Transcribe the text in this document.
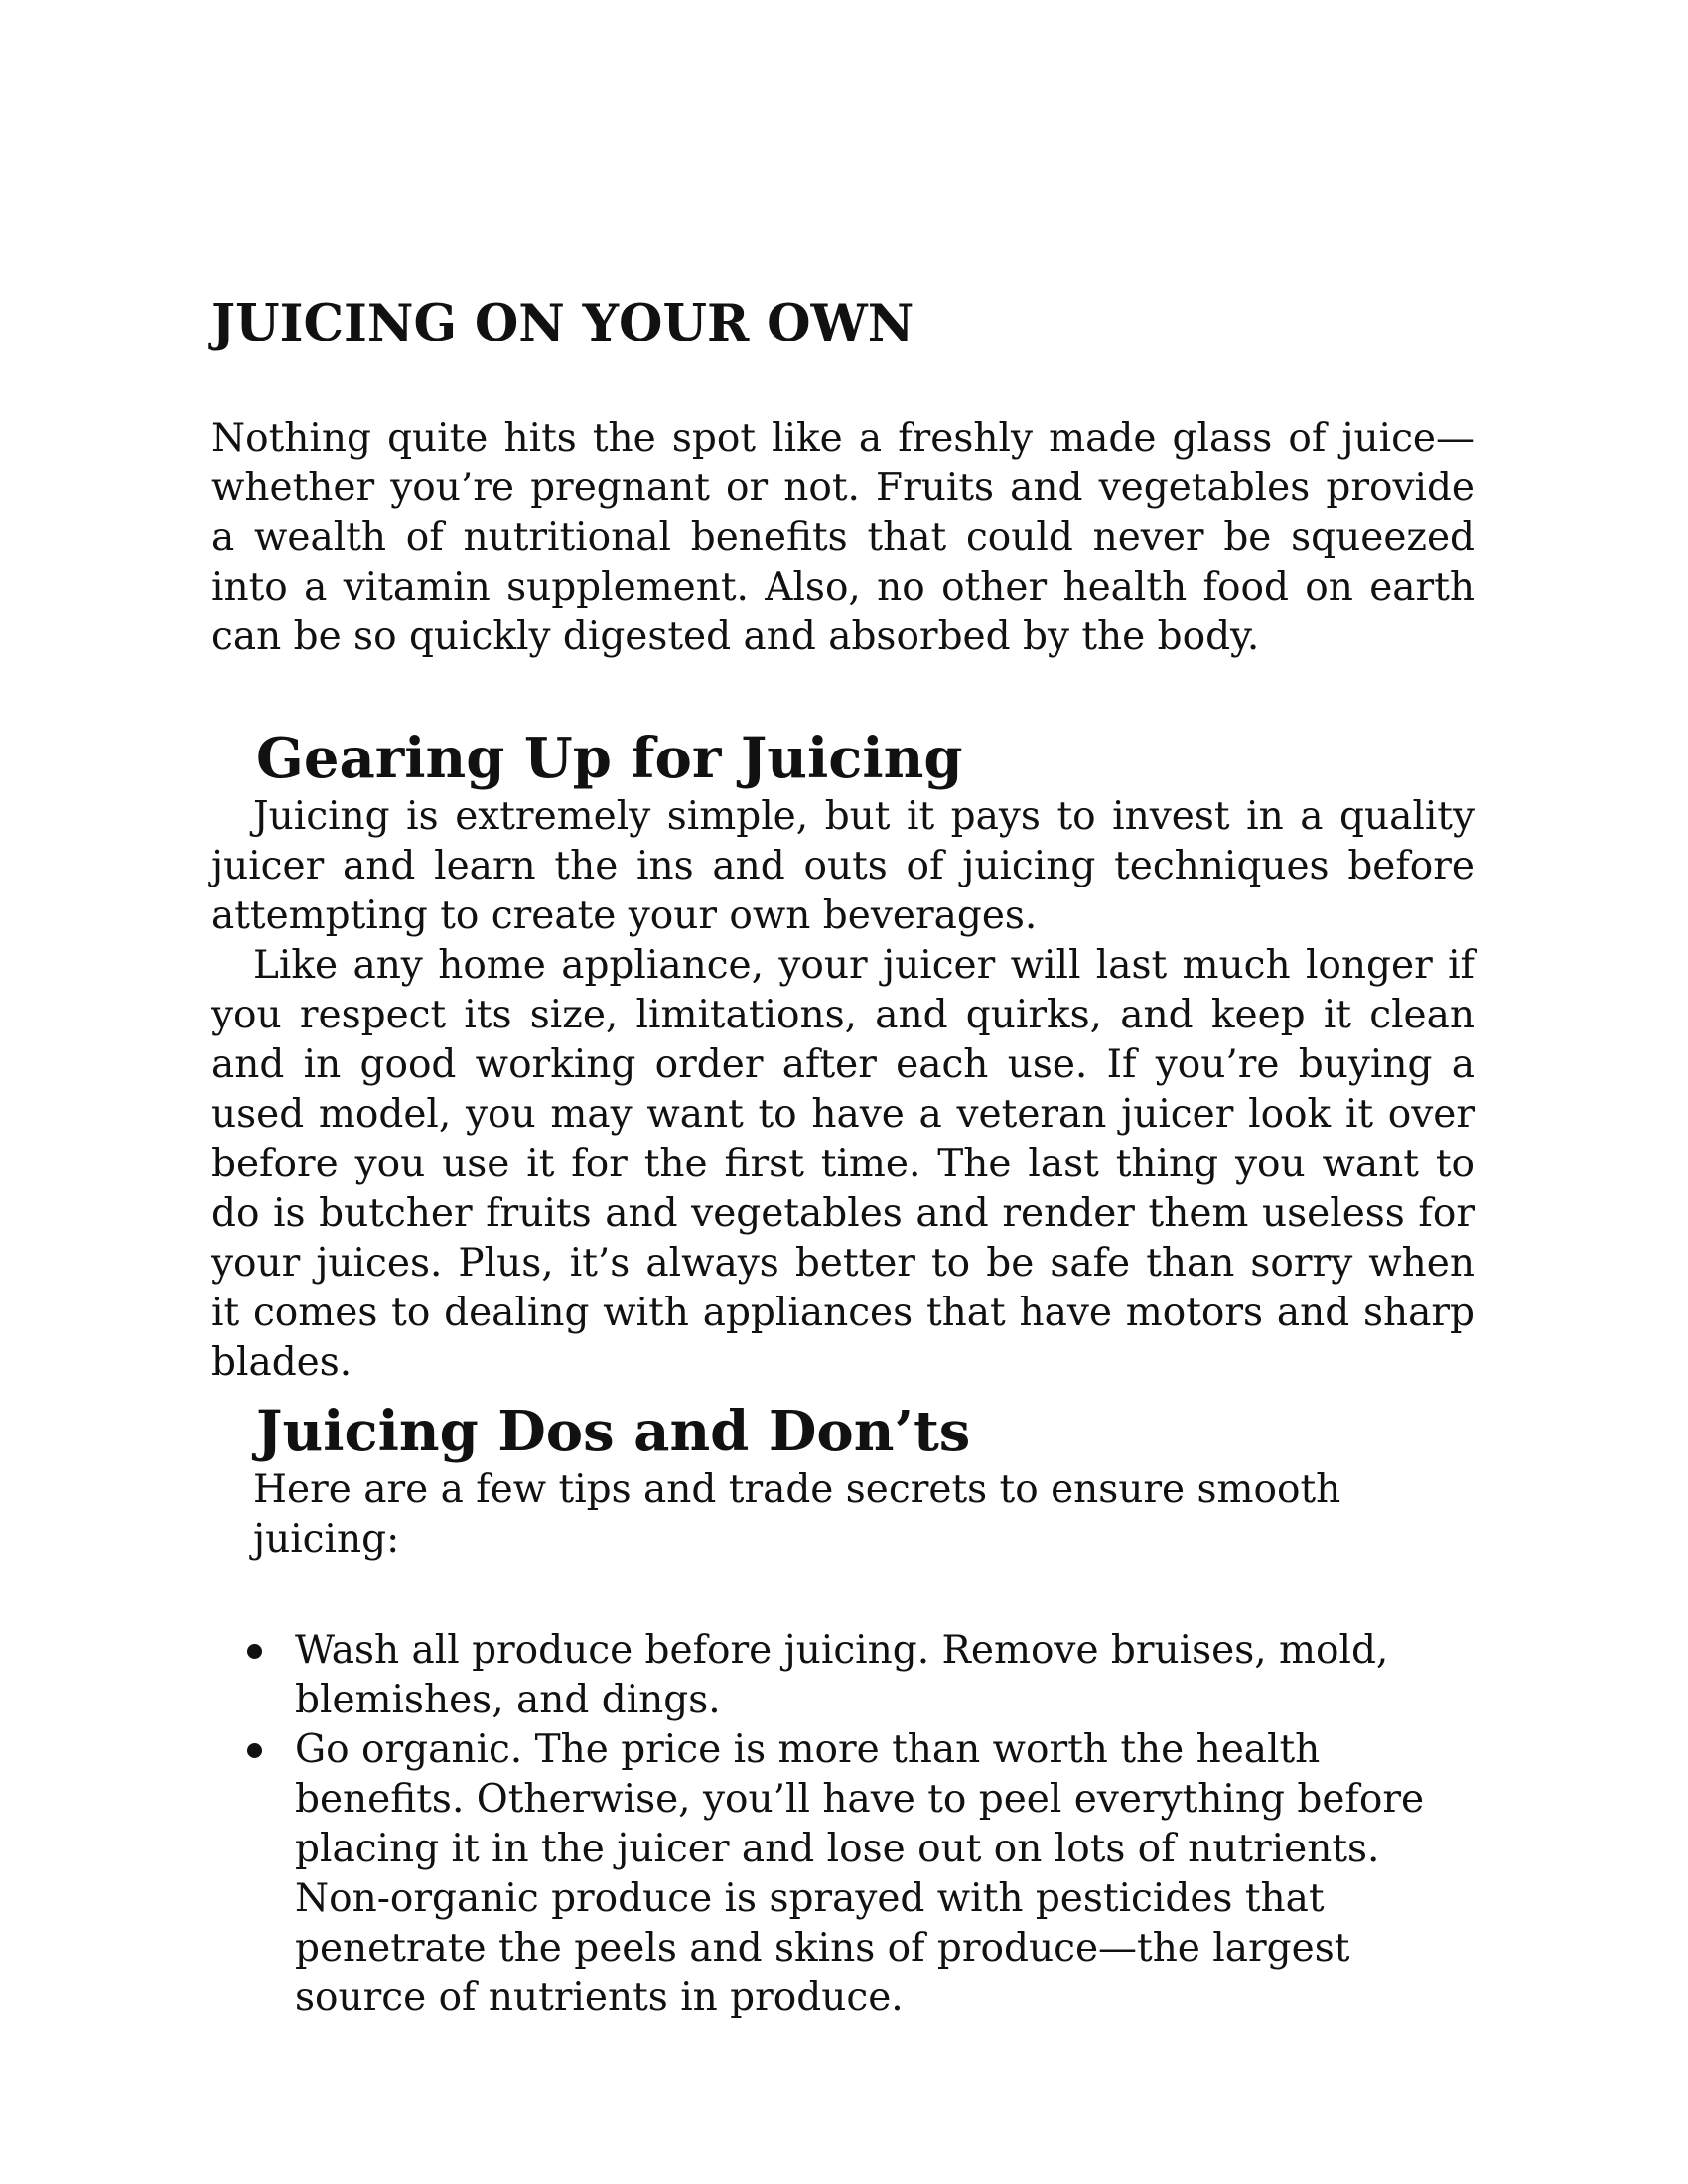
JUICING ON YOUR OWN

Nothing quite hits the spot like a freshly made glass of juice—whether you’re pregnant or not. Fruits and vegetables provide a wealth of nutritional benefits that could never be squeezed into a vitamin supplement. Also, no other health food on earth can be so quickly digested and absorbed by the body.

Gearing Up for Juicing

Juicing is extremely simple, but it pays to invest in a quality juicer and learn the ins and outs of juicing techniques before attempting to create your own beverages.

Like any home appliance, your juicer will last much longer if you respect its size, limitations, and quirks, and keep it clean and in good working order after each use. If you’re buying a used model, you may want to have a veteran juicer look it over before you use it for the first time. The last thing you want to do is butcher fruits and vegetables and render them useless for your juices. Plus, it’s always better to be safe than sorry when it comes to dealing with appliances that have motors and sharp blades.

Juicing Dos and Don’ts

Here are a few tips and trade secrets to ensure smooth juicing:

Wash all produce before juicing. Remove bruises, mold, blemishes, and dings.
Go organic. The price is more than worth the health benefits. Otherwise, you’ll have to peel everything before placing it in the juicer and lose out on lots of nutrients. Non-organic produce is sprayed with pesticides that penetrate the peels and skins of produce—the largest source of nutrients in produce.
